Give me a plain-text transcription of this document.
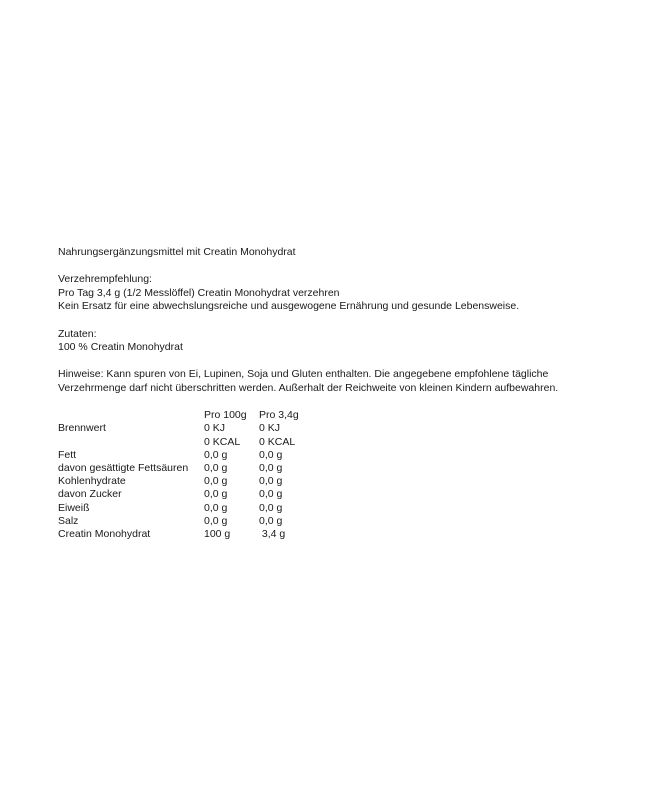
Nahrungsergänzungsmittel mit Creatin Monohydrat
Verzehrempfehlung:
Pro Tag 3,4 g (1/2 Messlöffel) Creatin Monohydrat verzehren
Kein Ersatz für eine abwechslungsreiche und ausgewogene Ernährung und gesunde Lebensweise.
Zutaten:
100 % Creatin Monohydrat
Hinweise: Kann spuren von Ei, Lupinen, Soja und Gluten enthalten. Die angegebene empfohlene tägliche
Verzehrmenge darf nicht überschritten werden. Außerhalt der Reichweite von kleinen Kindern aufbewahren.
	Pro 100g	Pro 3,4g
Brennwert	0 KJ	0 KJ
	0 KCAL	0 KCAL
Fett	0,0 g	0,0 g
davon gesättigte Fettsäuren	0,0 g	0,0 g
Kohlenhydrate	0,0 g	0,0 g
davon Zucker	0,0 g	0,0 g
Eiweiß	0,0 g	0,0 g
Salz	0,0 g	0,0 g
Creatin Monohydrat	100 g	3,4 g
